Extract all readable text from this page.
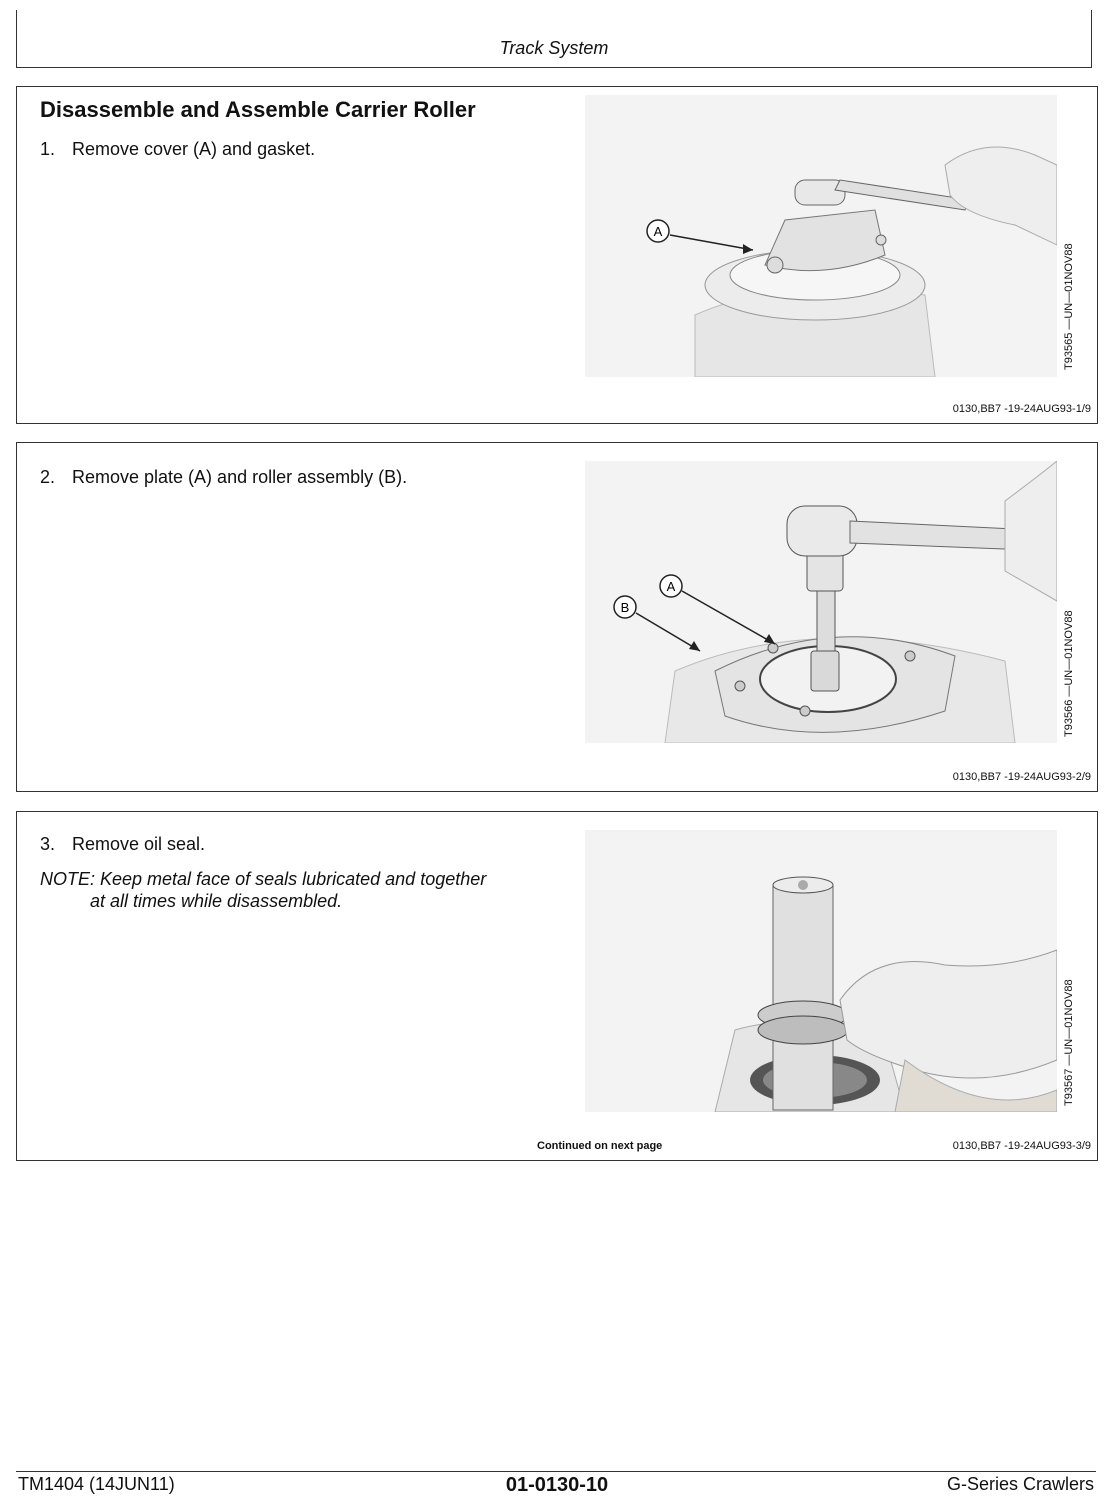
Track System
Disassemble and Assemble Carrier Roller
1. Remove cover (A) and gasket.
A
T93565 —UN—01NOV88
0130,BB7 -19-24AUG93-1/9
2. Remove plate (A) and roller assembly (B).
A
B
T93566 —UN—01NOV88
0130,BB7 -19-24AUG93-2/9
3. Remove oil seal.
NOTE: Keep metal face of seals lubricated and together
at all times while disassembled.
T93567 —UN—01NOV88
Continued on next page	0130,BB7 -19-24AUG93-3/9
TM1404 (14JUN11)	01-0130-10	G-Series Crawlers
